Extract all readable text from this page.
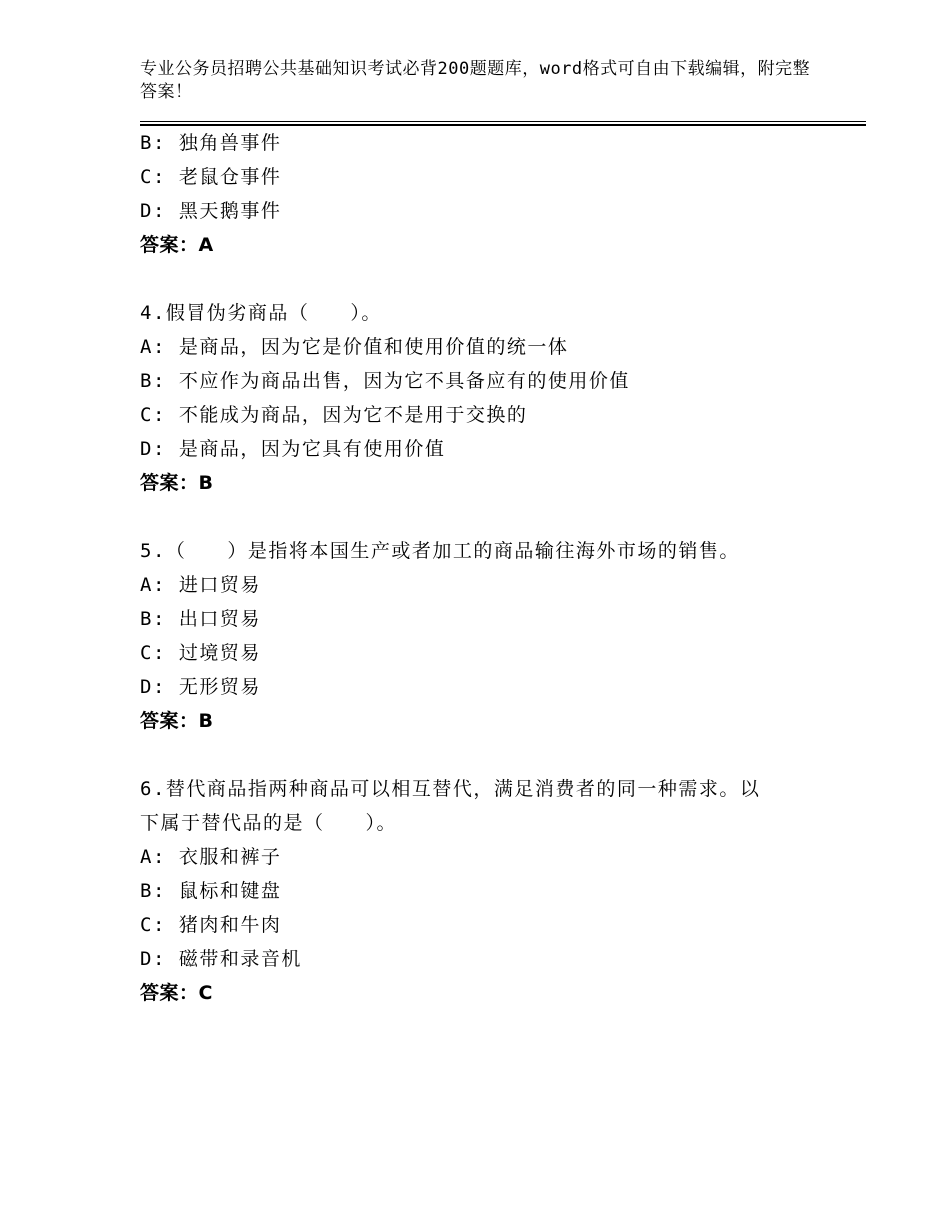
专业公务员招聘公共基础知识考试必背200题题库，word格式可自由下载编辑，附完整答案！
B: 独角兽事件
C: 老鼠仓事件
D: 黑天鹅事件
答案：A
4.假冒伪劣商品（　　）。
A: 是商品，因为它是价值和使用价值的统一体
B: 不应作为商品出售，因为它不具备应有的使用价值
C: 不能成为商品，因为它不是用于交换的
D: 是商品，因为它具有使用价值
答案：B
5.（　　）是指将本国生产或者加工的商品输往海外市场的销售。
A: 进口贸易
B: 出口贸易
C: 过境贸易
D: 无形贸易
答案：B
6.替代商品指两种商品可以相互替代，满足消费者的同一种需求。以
下属于替代品的是（　　）。
A: 衣服和裤子
B: 鼠标和键盘
C: 猪肉和牛肉
D: 磁带和录音机
答案：C
